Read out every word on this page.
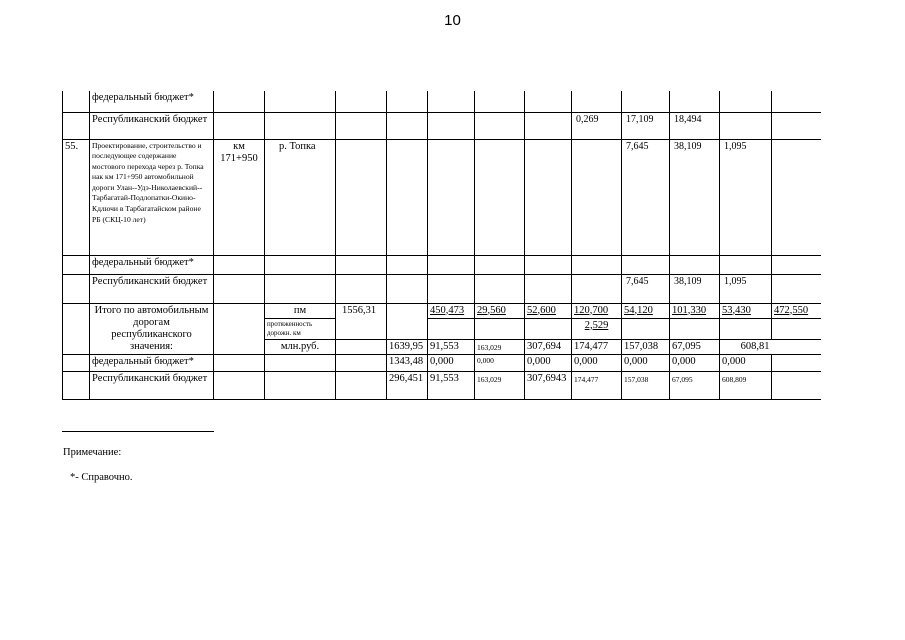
10
	федеральный бюджет*												
	Республиканский бюджет								0,269	17,109	18,494		
55.	Проектирование, строительство и последующее содержание мостового перехода через р. Топка нак км 171+950 автомобильной дороги Улан--Удэ-Николаевский--Тарбагатай-Подлопатки-Окино-Кдлючи в Тарбагатайском районе РБ (СКЦ-10 лет)	км 171+950	р. Топка							7,645	38,109	1,095	
	федеральный бюджет*												
	Республиканский бюджет									7,645	38,109	1,095	
	Итого по автомобильным дорогам республиканского значения:		пм	1556,31		450,473	29,560	52,600	120,700	54,120	101,330	53,430	472,550
			протяженность дорожн. км						2,529				
			млн.руб.		1639,95	91,553	163,029	307,694	174,477	157,038	67,095	608,81	
	федеральный бюджет*				1343,48	0,000	0,000	0,000	0,000	0,000	0,000	0,000	
	Республиканский бюджет				296,451	91,553	163,029	307,6943	174,477	157,038	67,095	608,809	
Примечание:
*- Справочно.
